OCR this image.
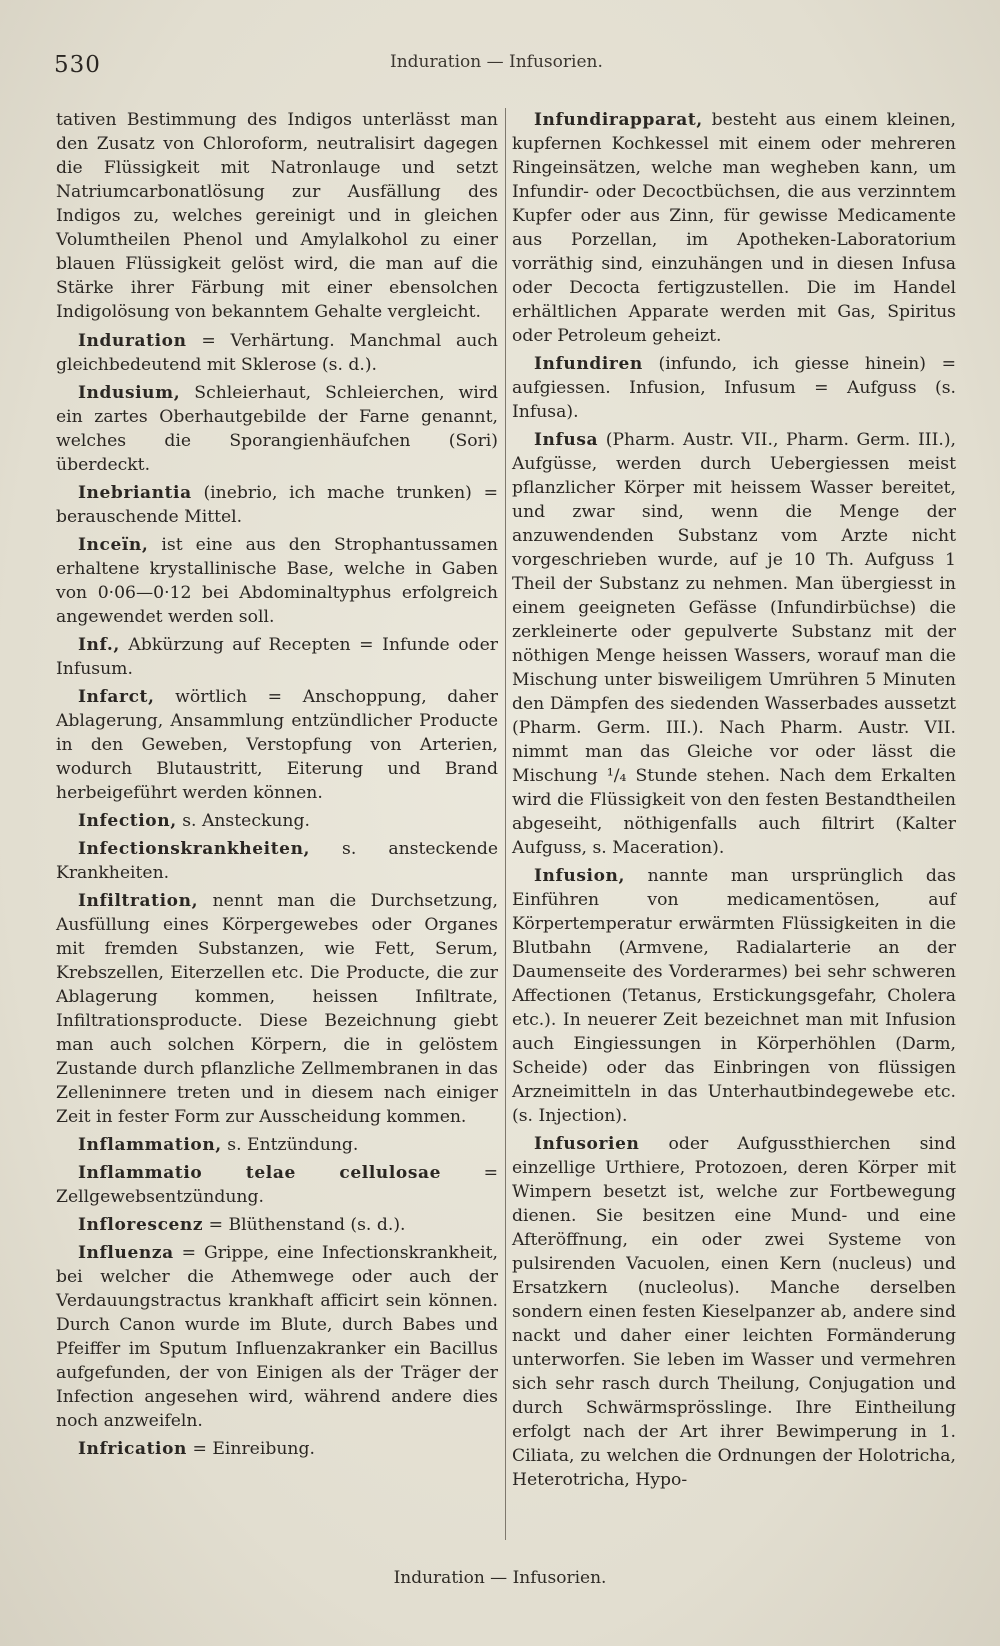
530	Induration — Infusorien.

tativen Bestimmung des Indigos unterlässt man den Zusatz von Chloroform, neutralisirt dagegen die Flüssigkeit mit Natronlauge und setzt Natriumcarbonatlösung zur Ausfällung des Indigos zu, welches gereinigt und in gleichen Volumtheilen Phenol und Amylalkohol zu einer blauen Flüssigkeit gelöst wird, die man auf die Stärke ihrer Färbung mit einer ebensolchen Indigolösung von bekanntem Gehalte vergleicht.

Induration = Verhärtung. Manchmal auch gleichbedeutend mit Sklerose (s. d.).

Indusium, Schleierhaut, Schleierchen, wird ein zartes Oberhautgebilde der Farne genannt, welches die Sporangienhäufchen (Sori) überdeckt.

Inebriantia (inebrio, ich mache trunken) = berauschende Mittel.

Inceïn, ist eine aus den Strophantussamen erhaltene krystallinische Base, welche in Gaben von 0·06—0·12 bei Abdominaltyphus erfolgreich angewendet werden soll.

Inf., Abkürzung auf Recepten = Infunde oder Infusum.

Infarct, wörtlich = Anschoppung, daher Ablagerung, Ansammlung entzündlicher Producte in den Geweben, Verstopfung von Arterien, wodurch Blutaustritt, Eiterung und Brand herbeigeführt werden können.

Infection, s. Ansteckung.

Infectionskrankheiten, s. ansteckende Krankheiten.

Infiltration, nennt man die Durchsetzung, Ausfüllung eines Körpergewebes oder Organes mit fremden Substanzen, wie Fett, Serum, Krebszellen, Eiterzellen etc. Die Producte, die zur Ablagerung kommen, heissen Infiltrate, Infiltrationsproducte. Diese Bezeichnung giebt man auch solchen Körpern, die in gelöstem Zustande durch pflanzliche Zellmembranen in das Zelleninnere treten und in diesem nach einiger Zeit in fester Form zur Ausscheidung kommen.

Inflammation, s. Entzündung.

Inflammatio telae cellulosae = Zellgewebsentzündung.

Inflorescenz = Blüthenstand (s. d.).

Influenza = Grippe, eine Infectionskrankheit, bei welcher die Athemwege oder auch der Verdauungstractus krankhaft afficirt sein können. Durch Canon wurde im Blute, durch Babes und Pfeiffer im Sputum Influenzakranker ein Bacillus aufgefunden, der von Einigen als der Träger der Infection angesehen wird, während andere dies noch anzweifeln.

Infrication = Einreibung.

Infundirapparat, besteht aus einem kleinen, kupfernen Kochkessel mit einem oder mehreren Ringeinsätzen, welche man wegheben kann, um Infundir- oder Decoctbüchsen, die aus verzinntem Kupfer oder aus Zinn, für gewisse Medicamente aus Porzellan, im Apotheken-Laboratorium vorräthig sind, einzuhängen und in diesen Infusa oder Decocta fertigzustellen. Die im Handel erhältlichen Apparate werden mit Gas, Spiritus oder Petroleum geheizt.

Infundiren (infundo, ich giesse hinein) = aufgiessen. Infusion, Infusum = Aufguss (s. Infusa).

Infusa (Pharm. Austr. VII., Pharm. Germ. III.), Aufgüsse, werden durch Uebergiessen meist pflanzlicher Körper mit heissem Wasser bereitet, und zwar sind, wenn die Menge der anzuwendenden Substanz vom Arzte nicht vorgeschrieben wurde, auf je 10 Th. Aufguss 1 Theil der Substanz zu nehmen. Man übergiesst in einem geeigneten Gefässe (Infundirbüchse) die zerkleinerte oder gepulverte Substanz mit der nöthigen Menge heissen Wassers, worauf man die Mischung unter bisweiligem Umrühren 5 Minuten den Dämpfen des siedenden Wasserbades aussetzt (Pharm. Germ. III.). Nach Pharm. Austr. VII. nimmt man das Gleiche vor oder lässt die Mischung ¹/₄ Stunde stehen. Nach dem Erkalten wird die Flüssigkeit von den festen Bestandtheilen abgeseiht, nöthigenfalls auch filtrirt (Kalter Aufguss, s. Maceration).

Infusion, nannte man ursprünglich das Einführen von medicamentösen, auf Körpertemperatur erwärmten Flüssigkeiten in die Blutbahn (Armvene, Radialarterie an der Daumenseite des Vorderarmes) bei sehr schweren Affectionen (Tetanus, Erstickungsgefahr, Cholera etc.). In neuerer Zeit bezeichnet man mit Infusion auch Eingiessungen in Körperhöhlen (Darm, Scheide) oder das Einbringen von flüssigen Arzneimitteln in das Unterhautbindegewebe etc. (s. Injection).

Infusorien oder Aufgussthierchen sind einzellige Urthiere, Protozoen, deren Körper mit Wimpern besetzt ist, welche zur Fortbewegung dienen. Sie besitzen eine Mund- und eine Afteröffnung, ein oder zwei Systeme von pulsirenden Vacuolen, einen Kern (nucleus) und Ersatzkern (nucleolus). Manche derselben sondern einen festen Kieselpanzer ab, andere sind nackt und daher einer leichten Formänderung unterworfen. Sie leben im Wasser und vermehren sich sehr rasch durch Theilung, Conjugation und durch Schwärmsprösslinge. Ihre Eintheilung erfolgt nach der Art ihrer Bewimperung in 1. Ciliata, zu welchen die Ordnungen der Holotricha, Heterotricha, Hypo-

Induration — Infusorien.
